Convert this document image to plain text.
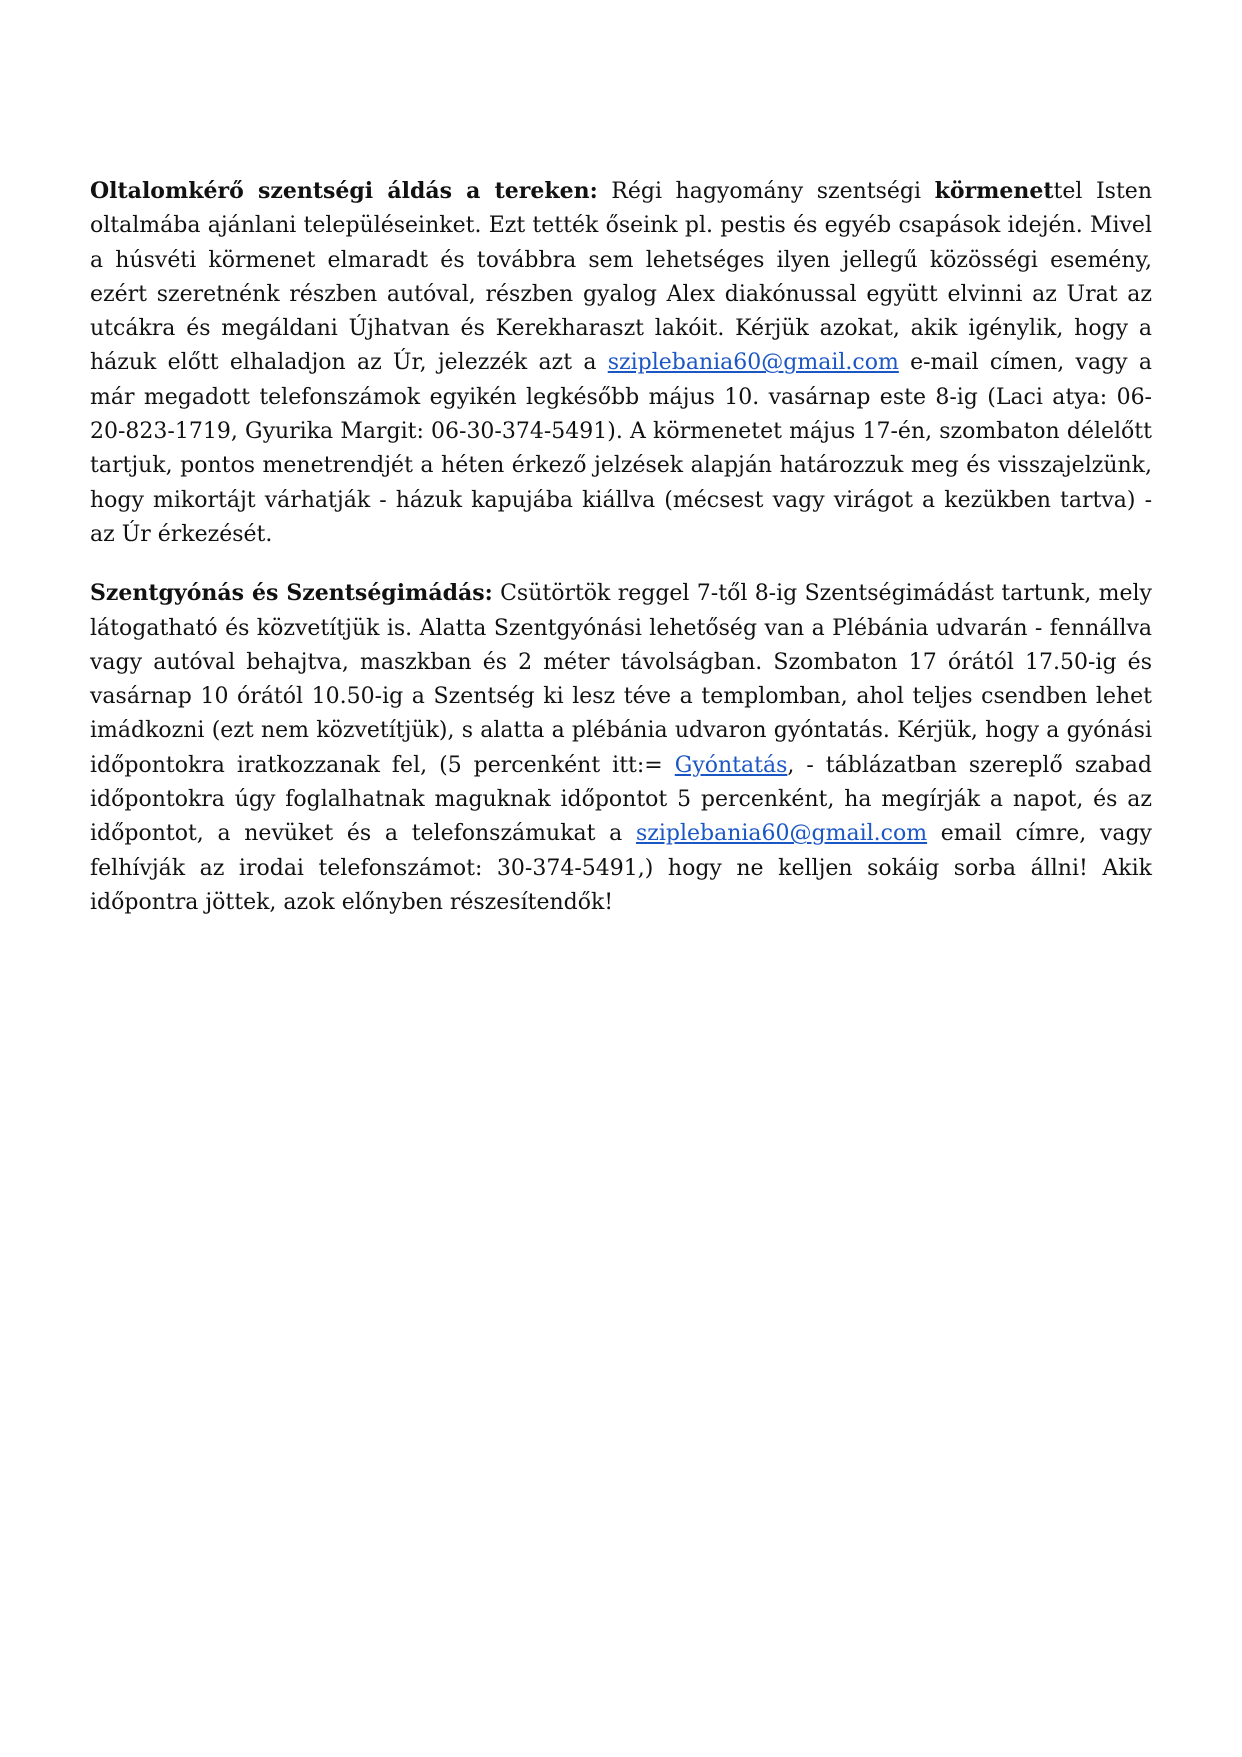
Oltalomkérő szentségi áldás a tereken: Régi hagyomány szentségi körmenettel Isten oltalmába ajánlani településeinket. Ezt tették őseink pl. pestis és egyéb csapások idején. Mivel a húsvéti körmenet elmaradt és továbbra sem lehetséges ilyen jellegű közösségi esemény, ezért szeretnénk részben autóval, részben gyalog Alex diakónussal együtt elvinni az Urat az utcákra és megáldani Újhatvan és Kerekharaszt lakóit. Kérjük azokat, akik igénylik, hogy a házuk előtt elhaladjon az Úr, jelezzék azt a sziplebania60@gmail.com e-mail címen, vagy a már megadott telefonszámok egyikén legkésőbb május 10. vasárnap este 8-ig (Laci atya: 06-20-823-1719, Gyurika Margit: 06-30-374-5491). A körmenetet május 17-én, szombaton délelőtt tartjuk, pontos menetrendjét a héten érkező jelzések alapján határozzuk meg és visszajelzünk, hogy mikortájt várhatják - házuk kapujába kiállva (mécsest vagy virágot a kezükben tartva) - az Úr érkezését.

Szentgyónás és Szentségimádás: Csütörtök reggel 7-től 8-ig Szentségimádást tartunk, mely látogatható és közvetítjük is. Alatta Szentgyónási lehetőség van a Plébánia udvarán - fennállva vagy autóval behajtva, maszkban és 2 méter távolságban. Szombaton 17 órától 17.50-ig és vasárnap 10 órától 10.50-ig a Szentség ki lesz téve a templomban, ahol teljes csendben lehet imádkozni (ezt nem közvetítjük), s alatta a plébánia udvaron gyóntatás. Kérjük, hogy a gyónási időpontokra iratkozzanak fel, (5 percenként itt:= Gyóntatás, - táblázatban szereplő szabad időpontokra úgy foglalhatnak maguknak időpontot 5 percenként, ha megírják a napot, és az időpontot, a nevüket és a telefonszámukat a sziplebania60@gmail.com email címre, vagy felhívják az irodai telefonszámot: 30-374-5491,) hogy ne kelljen sokáig sorba állni! Akik időpontra jöttek, azok előnyben részesítendők!
